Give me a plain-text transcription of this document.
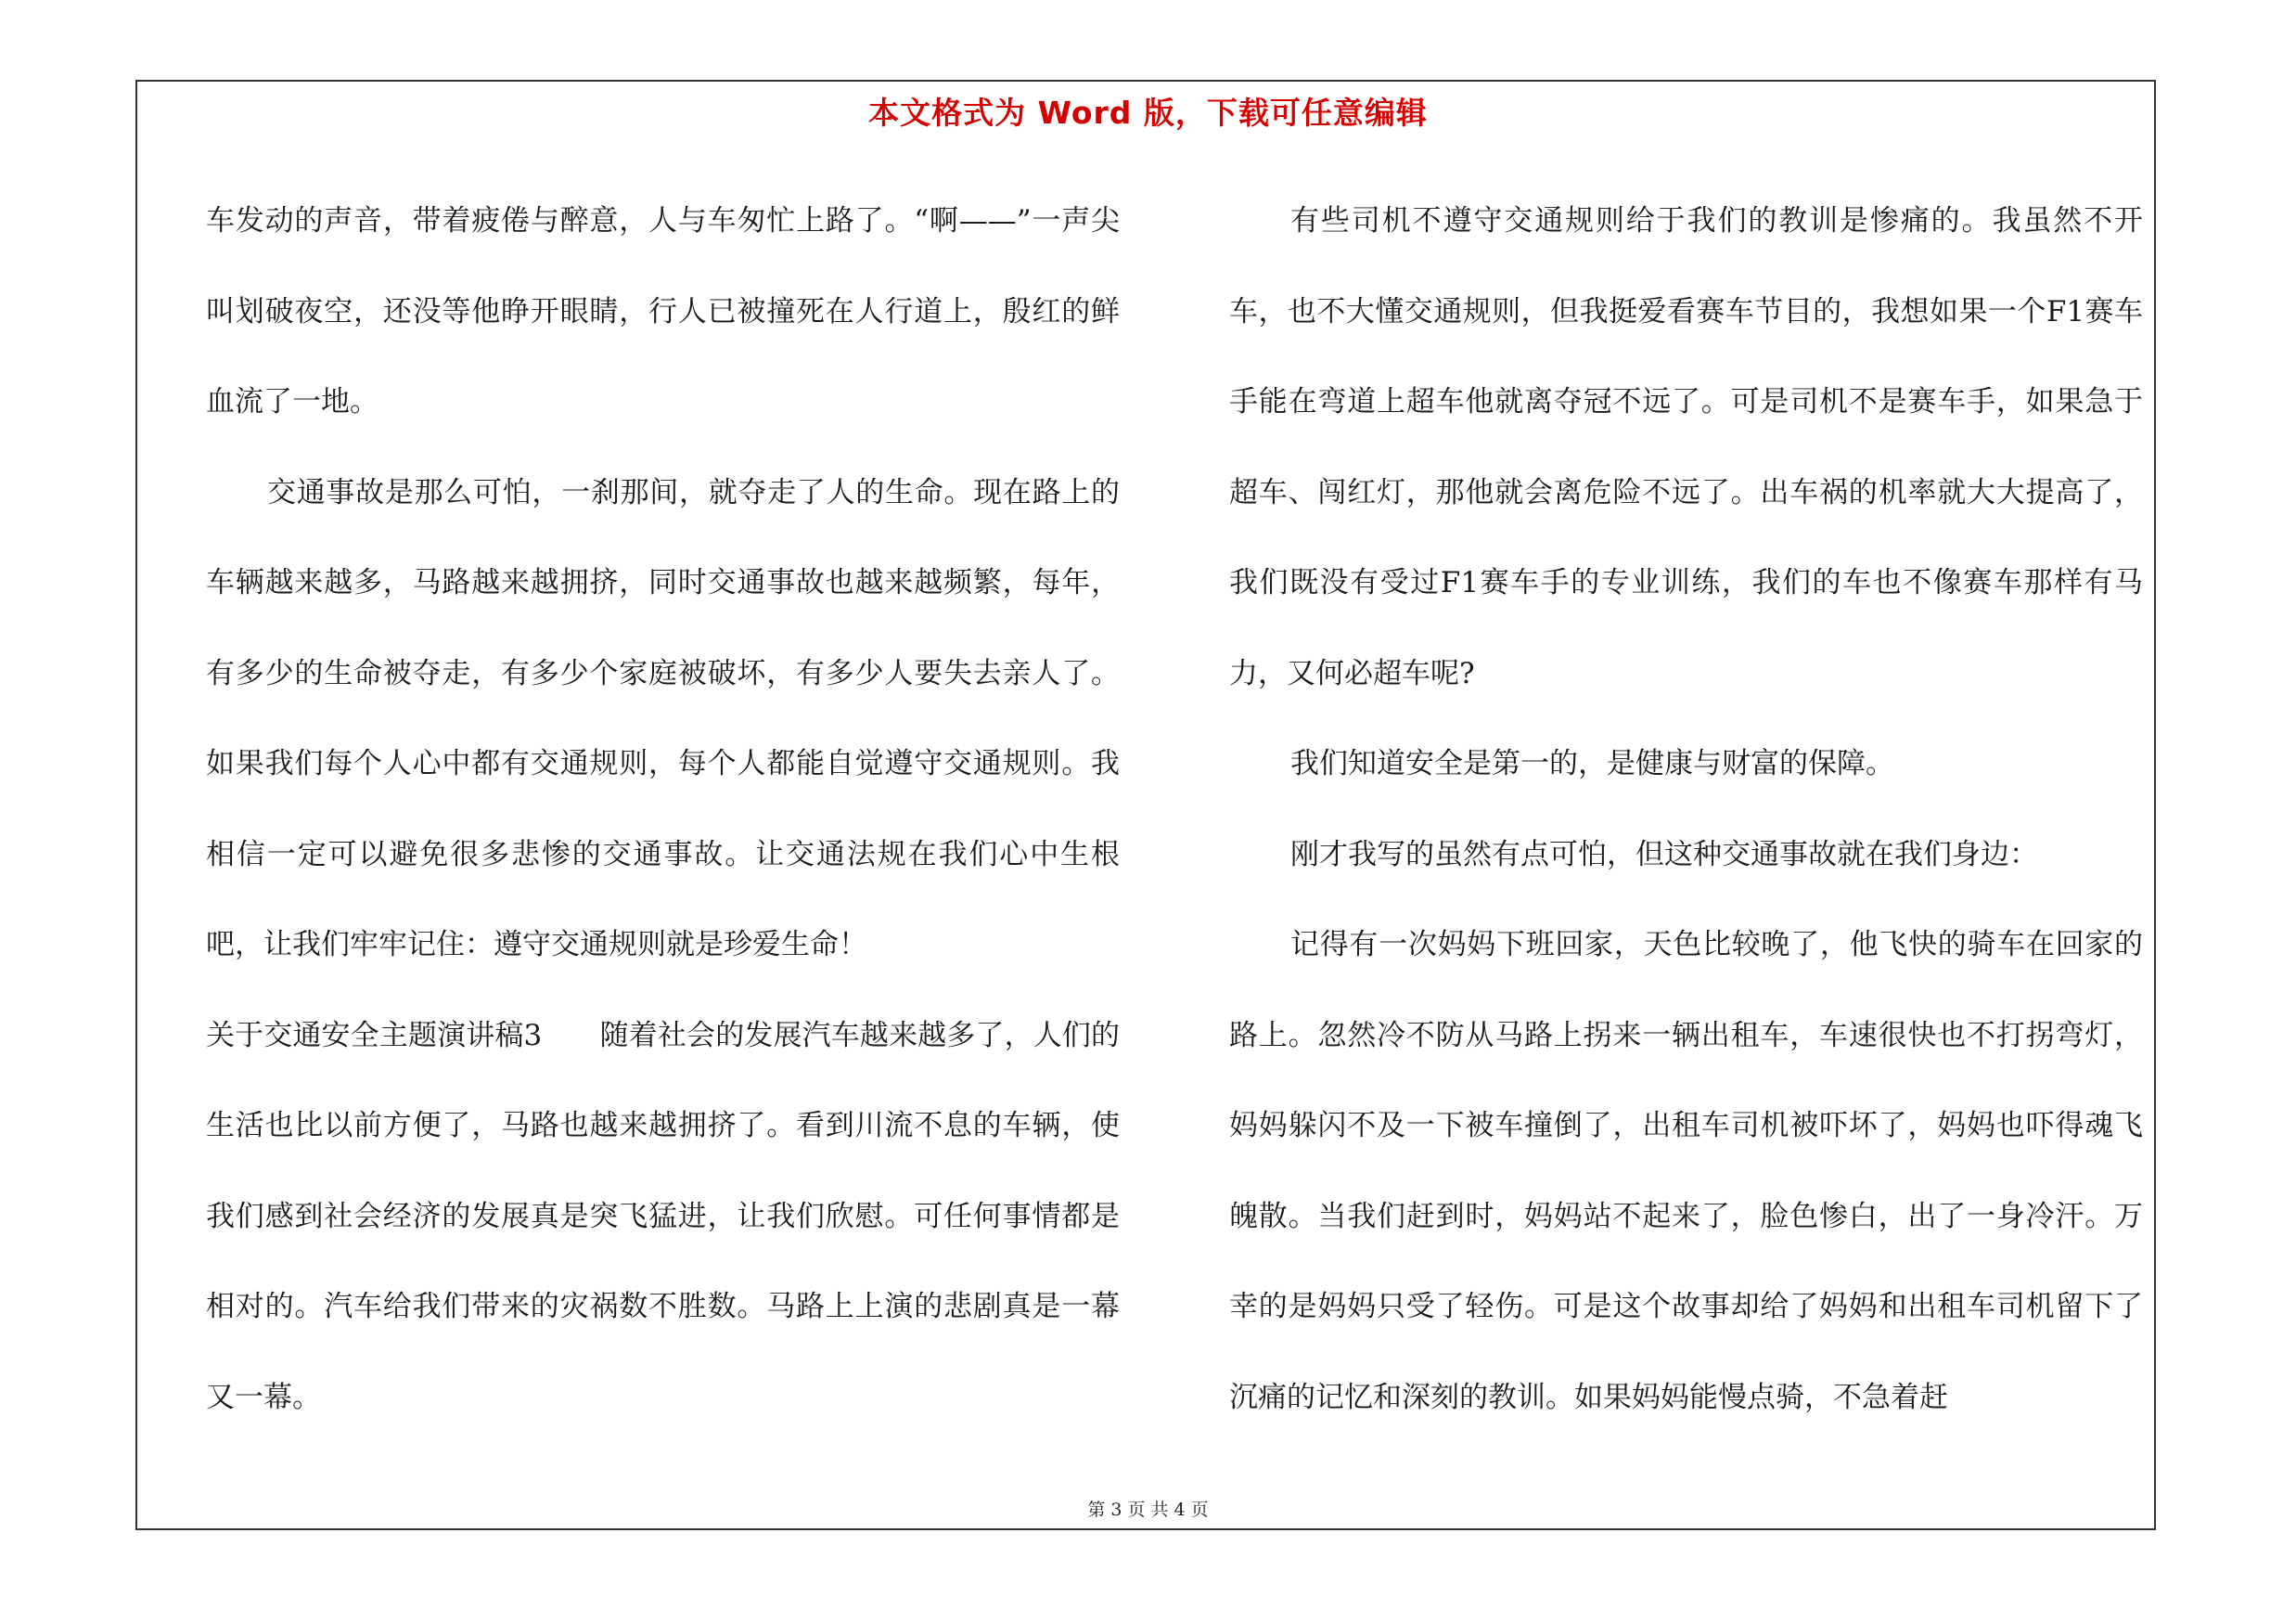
本文格式为 Word 版，下载可任意编辑

车发动的声音，带着疲倦与醉意，人与车匆忙上路了。“啊——”一声尖叫划破夜空，还没等他睁开眼睛，行人已被撞死在人行道上，殷红的鲜血流了一地。

交通事故是那么可怕，一刹那间，就夺走了人的生命。现在路上的车辆越来越多，马路越来越拥挤，同时交通事故也越来越频繁，每年，有多少的生命被夺走，有多少个家庭被破坏，有多少人要失去亲人了。如果我们每个人心中都有交通规则，每个人都能自觉遵守交通规则。我相信一定可以避免很多悲惨的交通事故。让交通法规在我们心中生根吧，让我们牢牢记住：遵守交通规则就是珍爱生命！

关于交通安全主题演讲稿3　　随着社会的发展汽车越来越多了，人们的生活也比以前方便了，马路也越来越拥挤了。看到川流不息的车辆，使我们感到社会经济的发展真是突飞猛进，让我们欣慰。可任何事情都是相对的。汽车给我们带来的灾祸数不胜数。马路上上演的悲剧真是一幕又一幕。

有些司机不遵守交通规则给于我们的教训是惨痛的。我虽然不开车，也不大懂交通规则，但我挺爱看赛车节目的，我想如果一个F1赛车手能在弯道上超车他就离夺冠不远了。可是司机不是赛车手，如果急于超车、闯红灯，那他就会离危险不远了。出车祸的机率就大大提高了，我们既没有受过F1赛车手的专业训练，我们的车也不像赛车那样有马力，又何必超车呢?

我们知道安全是第一的，是健康与财富的保障。

刚才我写的虽然有点可怕，但这种交通事故就在我们身边：

记得有一次妈妈下班回家，天色比较晚了，他飞快的骑车在回家的路上。忽然冷不防从马路上拐来一辆出租车，车速很快也不打拐弯灯，妈妈躲闪不及一下被车撞倒了，出租车司机被吓坏了，妈妈也吓得魂飞魄散。当我们赶到时，妈妈站不起来了，脸色惨白，出了一身冷汗。万幸的是妈妈只受了轻伤。可是这个故事却给了妈妈和出租车司机留下了沉痛的记忆和深刻的教训。如果妈妈能慢点骑，不急着赶

第 3 页 共 4 页
